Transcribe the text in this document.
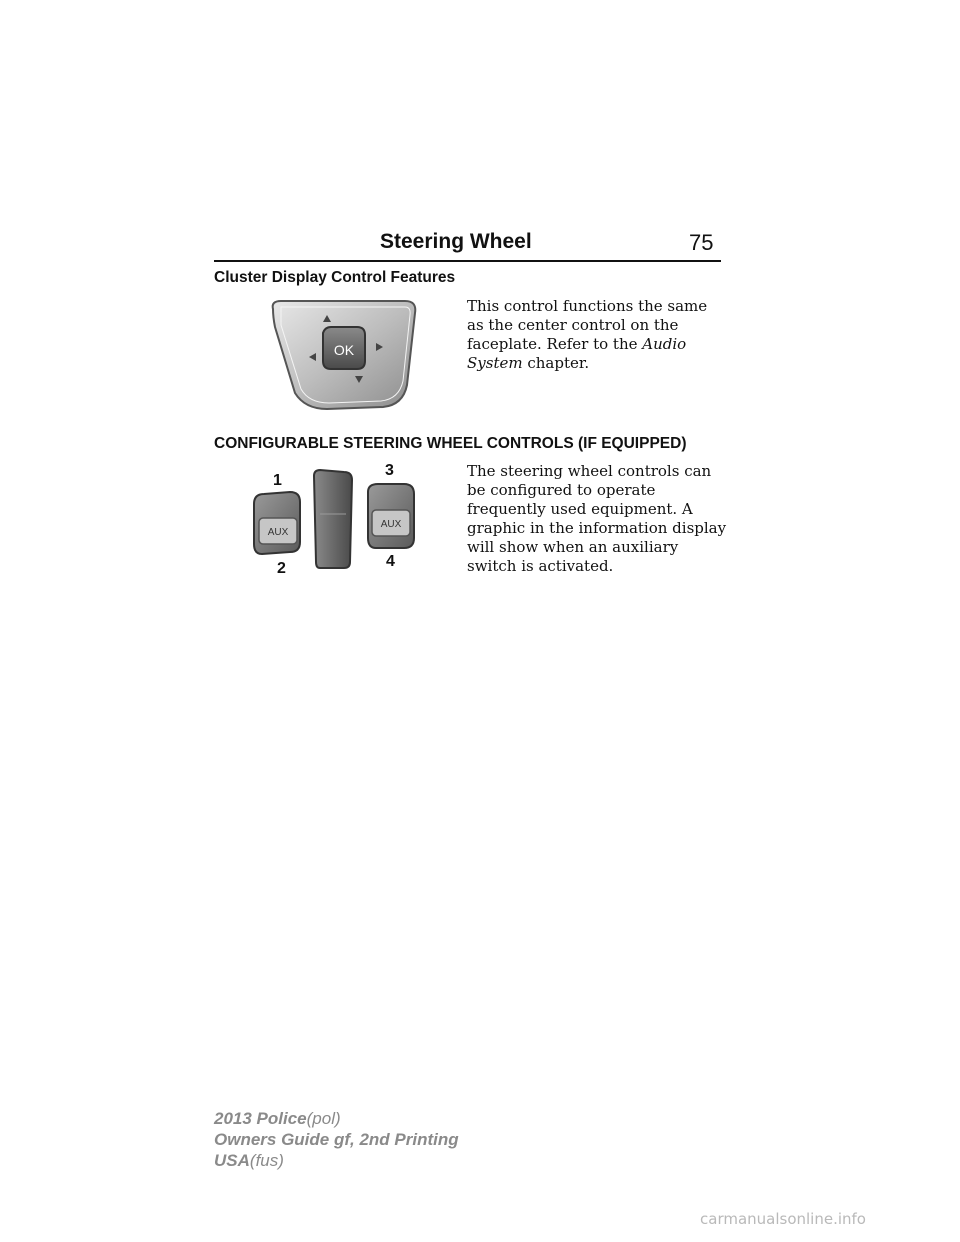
Steering Wheel	75
Cluster Display Control Features
OK
This control functions the same as the center control on the faceplate. Refer to the Audio System chapter.
CONFIGURABLE STEERING WHEEL CONTROLS (IF EQUIPPED)
AUX
AUX
1
2
3
4
The steering wheel controls can be configured to operate frequently used equipment. A graphic in the information display will show when an auxiliary switch is activated.
2013 Police(pol)
Owners Guide gf, 2nd Printing
USA(fus)
carmanualsonline.info
